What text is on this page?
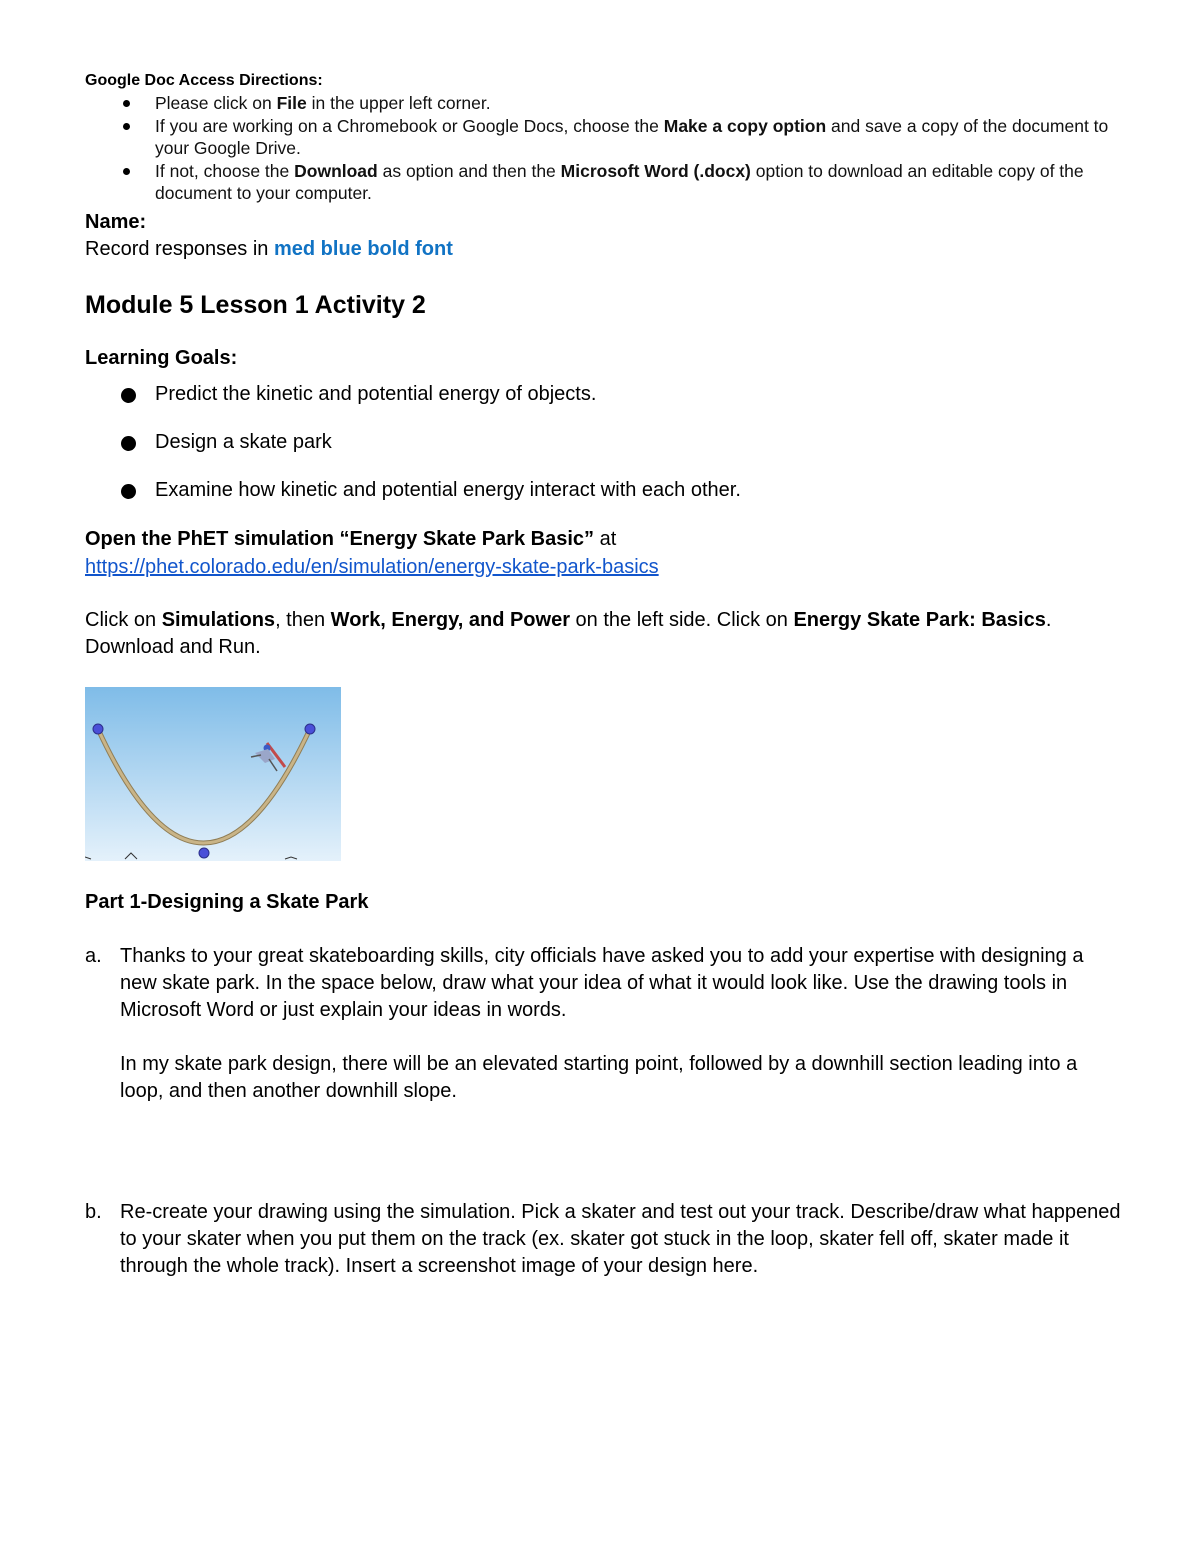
Google Doc Access Directions:

Please click on File in the upper left corner.
If you are working on a Chromebook or Google Docs, choose the Make a copy option and save a copy of the document to your Google Drive.
If not, choose the Download as option and then the Microsoft Word (.docx) option to download an editable copy of the document to your computer.
Name:
Record responses in med blue bold font
Module 5 Lesson 1 Activity 2
Learning Goals:
Predict the kinetic and potential energy of objects.
Design a skate park
Examine how kinetic and potential energy interact with each other.
Open the PhET simulation “Energy Skate Park Basic” at
https://phet.colorado.edu/en/simulation/energy-skate-park-basics
Click on Simulations, then Work, Energy, and Power on the left side. Click on Energy Skate Park: Basics. Download and Run.
Part 1-Designing a Skate Park
a. Thanks to your great skateboarding skills, city officials have asked you to add your expertise with designing a new skate park. In the space below, draw what your idea of what it would look like. Use the drawing tools in Microsoft Word or just explain your ideas in words.
In my skate park design, there will be an elevated starting point, followed by a downhill section leading into a loop, and then another downhill slope.
b. Re-create your drawing using the simulation. Pick a skater and test out your track. Describe/draw what happened to your skater when you put them on the track (ex. skater got stuck in the loop, skater fell off, skater made it through the whole track). Insert a screenshot image of your design here.
